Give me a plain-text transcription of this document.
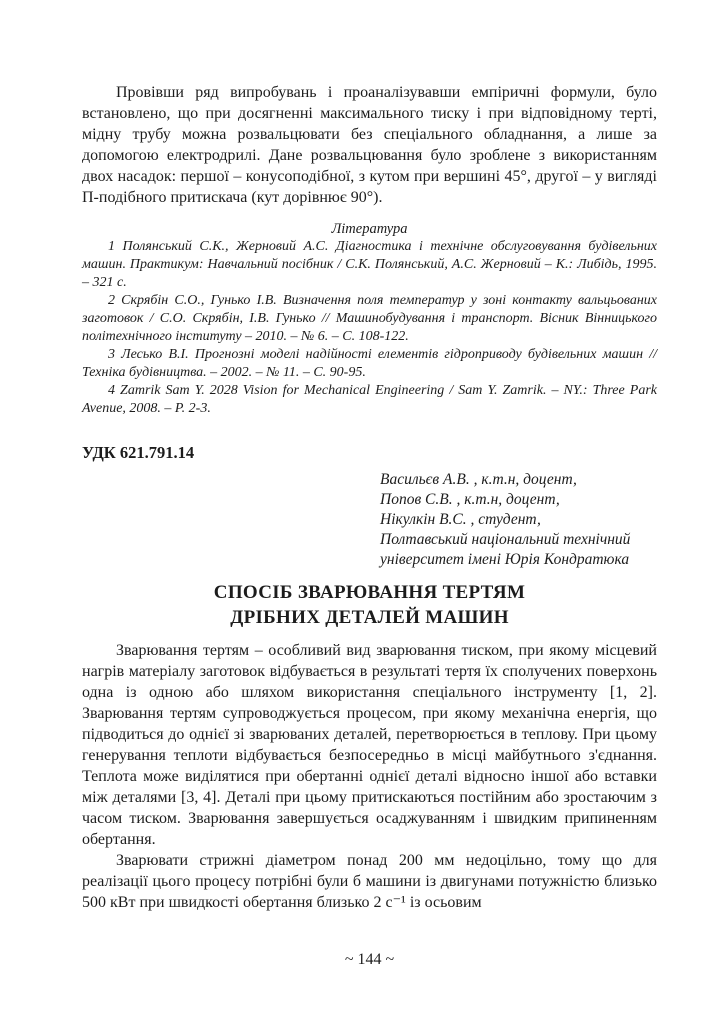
Провівши ряд випробувань і проаналізувавши емпіричні формули, було встановлено, що при досягненні максимального тиску і при відповідному терті, мідну трубу можна розвальцювати без спеціального обладнання, а лише за допомогою електродрилі. Дане розвальцювання було зроблене з використанням двох насадок: першої – конусоподібної, з кутом при вершині 45°, другої – у вигляді П-подібного притискача (кут дорівнює 90°).

Література

1 Полянський С.К., Жерновий А.С. Діагностика і технічне обслуговування будівельних машин. Практикум: Навчальний посібник / С.К. Полянський, А.С. Жерновий – К.: Либідь, 1995. – 321 с.

2 Скрябін С.О., Гунько І.В. Визначення поля температур у зоні контакту вальцьованих заготовок / С.О. Скрябін, І.В. Гунько // Машинобудування і транспорт. Вісник Вінницького політехнічного інституту – 2010. – № 6. – С. 108-122.

3 Лесько В.І. Прогнозні моделі надійності елементів гідроприводу будівельних машин // Техніка будівництва. – 2002. – № 11. – С. 90-95.

4 Zamrik Sam Y. 2028 Vision for Mechanical Engineering / Sam Y. Zamrik. – NY.: Three Park Avenue, 2008. – P. 2-3.

УДК 621.791.14
Васильєв А.В. , к.т.н, доцент,
Попов С.В. , к.т.н, доцент,
Нікулкін В.С. , студент,
Полтавський національний технічний
університет імені Юрія Кондратюка
СПОСІБ ЗВАРЮВАННЯ ТЕРТЯМ
ДРІБНИХ ДЕТАЛЕЙ МАШИН

Зварювання тертям – особливий вид зварювання тиском, при якому місцевий нагрів матеріалу заготовок відбувається в результаті тертя їх сполучених поверхонь одна із одною або шляхом використання спеціального інструменту [1, 2]. Зварювання тертям супроводжується процесом, при якому механічна енергія, що підводиться до однієї зі зварюваних деталей, перетворюється в теплову. При цьому генерування теплоти відбувається безпосередньо в місці майбутнього з'єднання. Теплота може виділятися при обертанні однієї деталі відносно іншої або вставки між деталями [3, 4]. Деталі при цьому притискаються постійним або зростаючим з часом тиском. Зварювання завершується осаджуванням і швидким припиненням обертання.

Зварювати стрижні діаметром понад 200 мм недоцільно, тому що для реалізації цього процесу потрібні були б машини із двигунами потужністю близько 500 кВт при швидкості обертання близько 2 с⁻¹ із осьовим

~ 144 ~
